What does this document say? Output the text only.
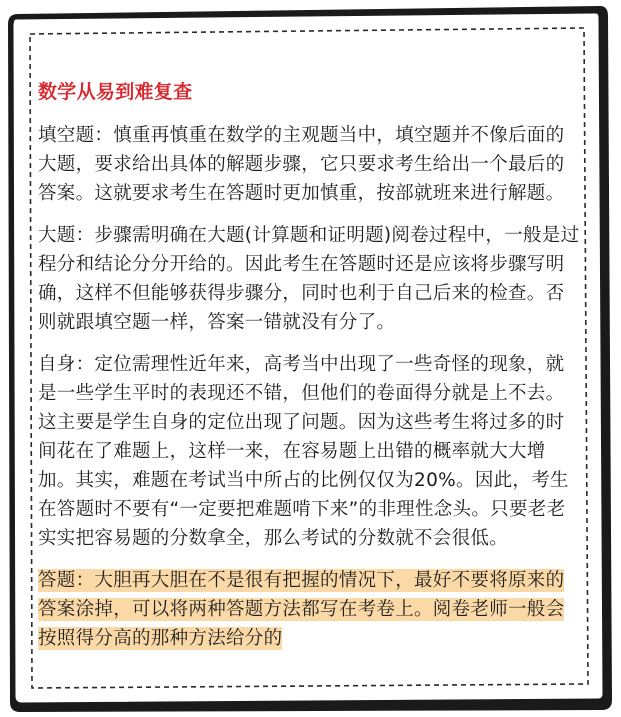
数学从易到难复查
填空题：慎重再慎重在数学的主观题当中，填空题并不像后面的大题，要求给出具体的解题步骤，它只要求考生给出一个最后的答案。这就要求考生在答题时更加慎重，按部就班来进行解题。
大题：步骤需明确在大题(计算题和证明题)阅卷过程中，一般是过程分和结论分分开给的。因此考生在答题时还是应该将步骤写明确，这样不但能够获得步骤分，同时也利于自己后来的检查。否则就跟填空题一样，答案一错就没有分了。
自身：定位需理性近年来，高考当中出现了一些奇怪的现象，就是一些学生平时的表现还不错，但他们的卷面得分就是上不去。这主要是学生自身的定位出现了问题。因为这些考生将过多的时间花在了难题上，这样一来，在容易题上出错的概率就大大增加。其实，难题在考试当中所占的比例仅仅为20%。因此，考生在答题时不要有“一定要把难题啃下来”的非理性念头。只要老老实实把容易题的分数拿全，那么考试的分数就不会很低。
答题：大胆再大胆在不是很有把握的情况下，最好不要将原来的答案涂掉，可以将两种答题方法都写在考卷上。阅卷老师一般会按照得分高的那种方法给分的
